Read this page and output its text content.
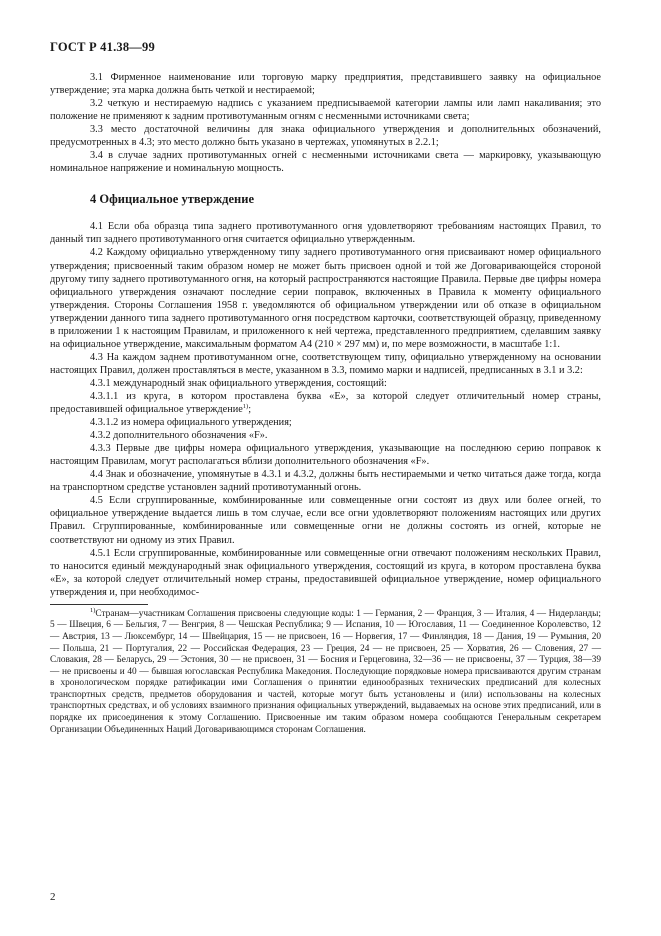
ГОСТ Р 41.38—99

3.1 Фирменное наименование или торговую марку предприятия, представившего заявку на официальное утверждение; эта марка должна быть четкой и нестираемой;

3.2 четкую и нестираемую надпись с указанием предписываемой категории лампы или ламп накаливания; это положение не применяют к задним противотуманным огням с несменными источниками света;

3.3 место достаточной величины для знака официального утверждения и дополнительных обозначений, предусмотренных в 4.3; это место должно быть указано в чертежах, упомянутых в 2.2.1;

3.4 в случае задних противотуманных огней с несменными источниками света — маркировку, указывающую номинальное напряжение и номинальную мощность.

4 Официальное утверждение

4.1 Если оба образца типа заднего противотуманного огня удовлетворяют требованиям настоящих Правил, то данный тип заднего противотуманного огня считается официально утвержденным.

4.2 Каждому официально утвержденному типу заднего противотуманного огня присваивают номер официального утверждения; присвоенный таким образом номер не может быть присвоен одной и той же Договаривающейся стороной другому типу заднего противотуманного огня, на который распространяются настоящие Правила. Первые две цифры номера официального утверждения означают последние серии поправок, включенных в Правила к моменту официального утверждения. Стороны Соглашения 1958 г. уведомляются об официальном утверждении или об отказе в официальном утверждении данного типа заднего противотуманного огня посредством карточки, соответствующей образцу, приведенному в приложении 1 к настоящим Правилам, и приложенного к ней чертежа, представленного предприятием, сделавшим заявку на официальное утверждение, максимальным форматом А4 (210 × 297 мм) и, по мере возможности, в масштабе 1:1.

4.3 На каждом заднем противотуманном огне, соответствующем типу, официально утвержденному на основании настоящих Правил, должен проставляться в месте, указанном в 3.3, помимо марки и надписей, предписанных в 3.1 и 3.2:

4.3.1 международный знак официального утверждения, состоящий:

4.3.1.1 из круга, в котором проставлена буква «Е», за которой следует отличительный номер страны, предоставившей официальное утверждение$^{1)}$;

4.3.1.2 из номера официального утверждения;

4.3.2 дополнительного обозначения «F».

4.3.3 Первые две цифры номера официального утверждения, указывающие на последнюю серию поправок к настоящим Правилам, могут располагаться вблизи дополнительного обозначения «F».

4.4 Знак и обозначение, упомянутые в 4.3.1 и 4.3.2, должны быть нестираемыми и четко читаться даже тогда, когда на транспортном средстве установлен задний противотуманный огонь.

4.5 Если сгруппированные, комбинированные или совмещенные огни состоят из двух или более огней, то официальное утверждение выдается лишь в том случае, если все огни удовлетворяют положениям настоящих или других Правил. Сгруппированные, комбинированные или совмещенные огни не должны состоять из огней, которые не соответствуют ни одному из этих Правил.

4.5.1 Если сгруппированные, комбинированные или совмещенные огни отвечают положениям нескольких Правил, то наносится единый международный знак официального утверждения, состоящий из круга, в котором проставлена буква «Е», за которой следует отличительный номер страны, предоставившей официальное утверждение, номер официального утверждения и, при необходимос-

$^{1)}$Странам—участникам Соглашения присвоены следующие коды: 1 — Германия, 2 — Франция, 3 — Италия, 4 — Нидерланды; 5 — Швеция, 6 — Бельгия, 7 — Венгрия, 8 — Чешская Республика; 9 — Испания, 10 — Югославия, 11 — Соединенное Королевство, 12 — Австрия, 13 — Люксембург, 14 — Швейцария, 15 — не присвоен, 16 — Норвегия, 17 — Финляндия, 18 — Дания, 19 — Румыния, 20 — Польша, 21 — Португалия, 22 — Российская Федерация, 23 — Греция, 24 — не присвоен, 25 — Хорватия, 26 — Словения, 27 — Словакия, 28 — Беларусь, 29 — Эстония, 30 — не присвоен, 31 — Босния и Герцеговина, 32—36 — не присвоены, 37 — Турция, 38—39 — не присвоены и 40 — бывшая югославская Республика Македония. Последующие порядковые номера присваиваются другим странам в хронологическом порядке ратификации ими Соглашения о принятии единообразных технических предписаний для колесных транспортных средств, предметов оборудования и частей, которые могут быть установлены и (или) использованы на колесных транспортных средствах, и об условиях взаимного признания официальных утверждений, выдаваемых на основе этих предписаний, или в порядке их присоединения к этому Соглашению. Присвоенные им таким образом номера сообщаются Генеральным секретарем Организации Объединенных Наций Договаривающимся сторонам Соглашения.

2
